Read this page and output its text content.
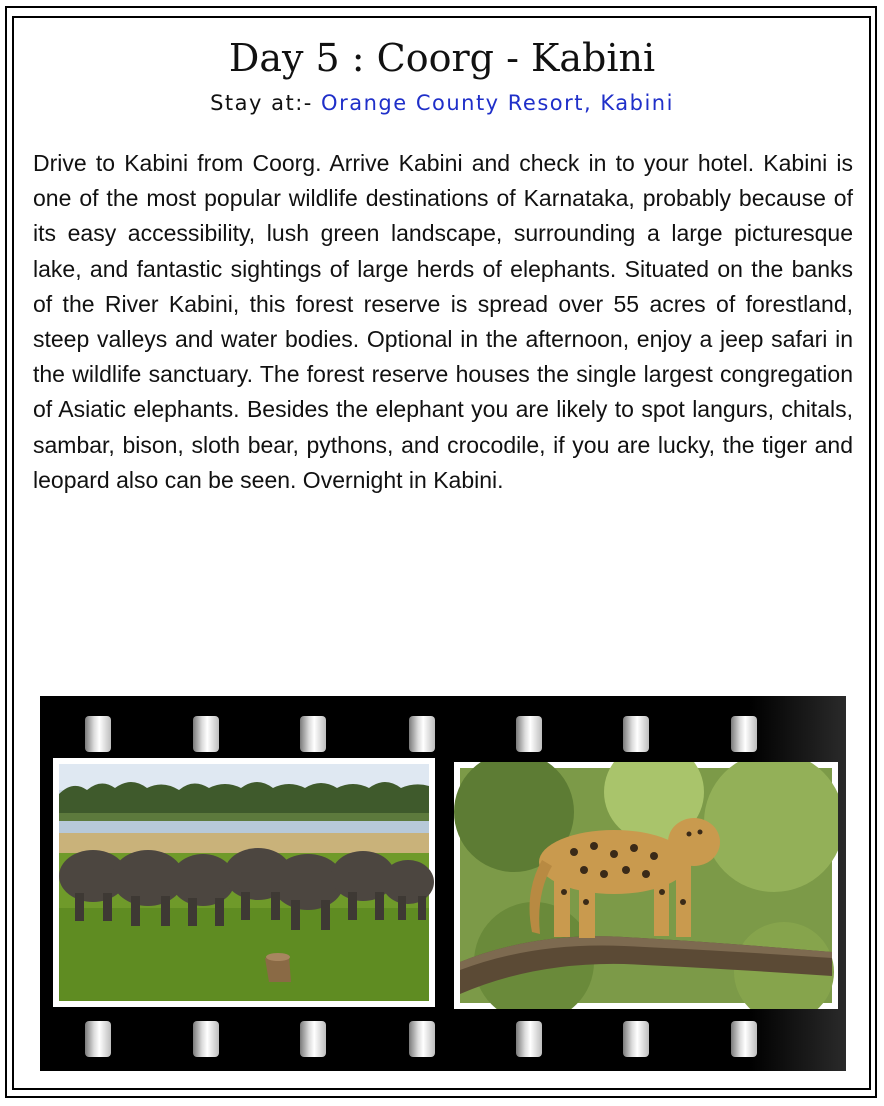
Day 5 : Coorg - Kabini
Stay at:- Orange County Resort, Kabini

Drive to Kabini from Coorg. Arrive Kabini and check in to your hotel. Kabini is one of the most popular wildlife destinations of Karnataka, probably because of its easy accessibility, lush green landscape, surrounding a large picturesque lake, and fantastic sightings of large herds of elephants. Situated on the banks of the River Kabini, this forest reserve is spread over 55 acres of forestland, steep valleys and water bodies. Optional in the afternoon, enjoy a jeep safari in the wildlife sanctuary. The forest reserve houses the single largest congregation of Asiatic elephants. Besides the elephant you are likely to spot langurs, chitals, sambar, bison, sloth bear, pythons, and crocodile, if you are lucky, the tiger and leopard also can be seen. Overnight in Kabini.
